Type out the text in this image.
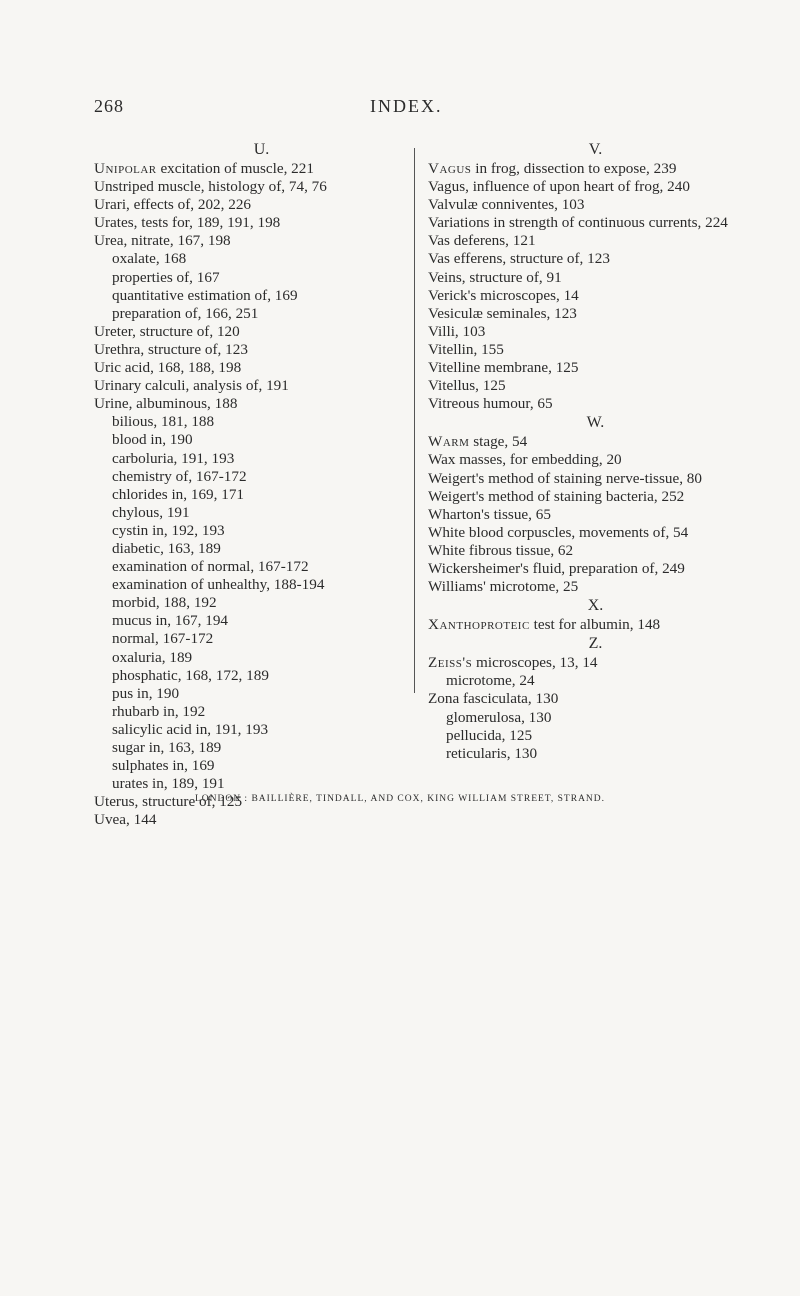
268	INDEX.

U.

Unipolar excitation of muscle, 221

Unstriped muscle, histology of, 74, 76

Urari, effects of, 202, 226

Urates, tests for, 189, 191, 198

Urea, nitrate, 167, 198

oxalate, 168

properties of, 167

quantitative estimation of, 169

preparation of, 166, 251

Ureter, structure of, 120

Urethra, structure of, 123

Uric acid, 168, 188, 198

Urinary calculi, analysis of, 191

Urine, albuminous, 188

bilious, 181, 188

blood in, 190

carboluria, 191, 193

chemistry of, 167-172

chlorides in, 169, 171

chylous, 191

cystin in, 192, 193

diabetic, 163, 189

examination of normal, 167-172

examination of unhealthy, 188-194

morbid, 188, 192

mucus in, 167, 194

normal, 167-172

oxaluria, 189

phosphatic, 168, 172, 189

pus in, 190

rhubarb in, 192

salicylic acid in, 191, 193

sugar in, 163, 189

sulphates in, 169

urates in, 189, 191

Uterus, structure of, 125

Uvea, 144

V.

Vagus in frog, dissection to expose, 239

Vagus, influence of upon heart of frog, 240

Valvulæ conniventes, 103

Variations in strength of continuous currents, 224

Vas deferens, 121

Vas efferens, structure of, 123

Veins, structure of, 91

Verick's microscopes, 14

Vesiculæ seminales, 123

Villi, 103

Vitellin, 155

Vitelline membrane, 125

Vitellus, 125

Vitreous humour, 65

W.

Warm stage, 54

Wax masses, for embedding, 20

Weigert's method of staining nerve-tissue, 80

Weigert's method of staining bacteria, 252

Wharton's tissue, 65

White blood corpuscles, movements of, 54

White fibrous tissue, 62

Wickersheimer's fluid, preparation of, 249

Williams' microtome, 25

X.

Xanthoproteic test for albumin, 148

Z.

Zeiss's microscopes, 13, 14

microtome, 24

Zona fasciculata, 130

glomerulosa, 130

pellucida, 125

reticularis, 130

LONDON : BAILLIÈRE, TINDALL, AND COX, KING WILLIAM STREET, STRAND.
